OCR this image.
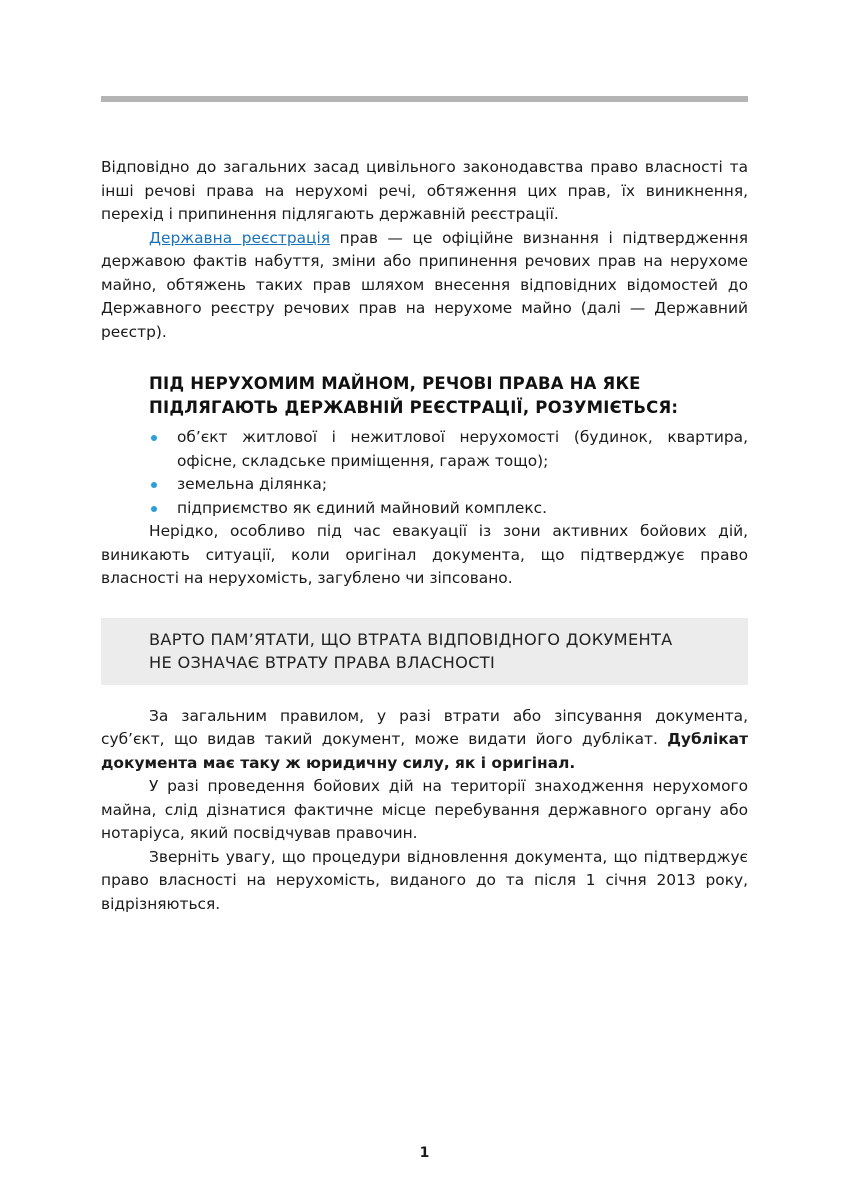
Відповідно до загальних засад цивільного законодавства право власності та інші речові права на нерухомі речі, обтяження цих прав, їх виникнення, перехід і припинення підлягають державній реєстрації.

Державна реєстрація прав — це офіційне визнання і підтвердження державою фактів набуття, зміни або припинення речових прав на нерухоме майно, обтяжень таких прав шляхом внесення відповідних відомостей до Державного реєстру речових прав на нерухоме майно (далі — Державний реєстр).

ПІД НЕРУХОМИМ МАЙНОМ, РЕЧОВІ ПРАВА НА ЯКЕ ПІДЛЯГАЮТЬ ДЕРЖАВНІЙ РЕЄСТРАЦІЇ, РОЗУМІЄТЬСЯ:
об’єкт житлової і нежитлової нерухомості (будинок, квартира, офісне, складське приміщення, гараж тощо);
земельна ділянка;
підприємство як єдиний майновий комплекс.

Нерідко, особливо під час евакуації із зони активних бойових дій, виникають ситуації, коли оригінал документа, що підтверджує право власності на нерухомість, загублено чи зіпсовано.

ВАРТО ПАМ’ЯТАТИ, ЩО ВТРАТА ВІДПОВІДНОГО ДОКУМЕНТА
НЕ ОЗНАЧАЄ ВТРАТУ ПРАВА ВЛАСНОСТІ

За загальним правилом, у разі втрати або зіпсування документа, суб’єкт, що видав такий документ, може видати його дублікат. Дублікат документа має таку ж юридичну силу, як і оригінал.

У разі проведення бойових дій на території знаходження нерухомого майна, слід дізнатися фактичне місце перебування державного органу або нотаріуса, який посвідчував правочин.

Зверніть увагу, що процедури відновлення документа, що підтверджує право власності на нерухомість, виданого до та після 1 січня 2013 року, відрізняються.

1
